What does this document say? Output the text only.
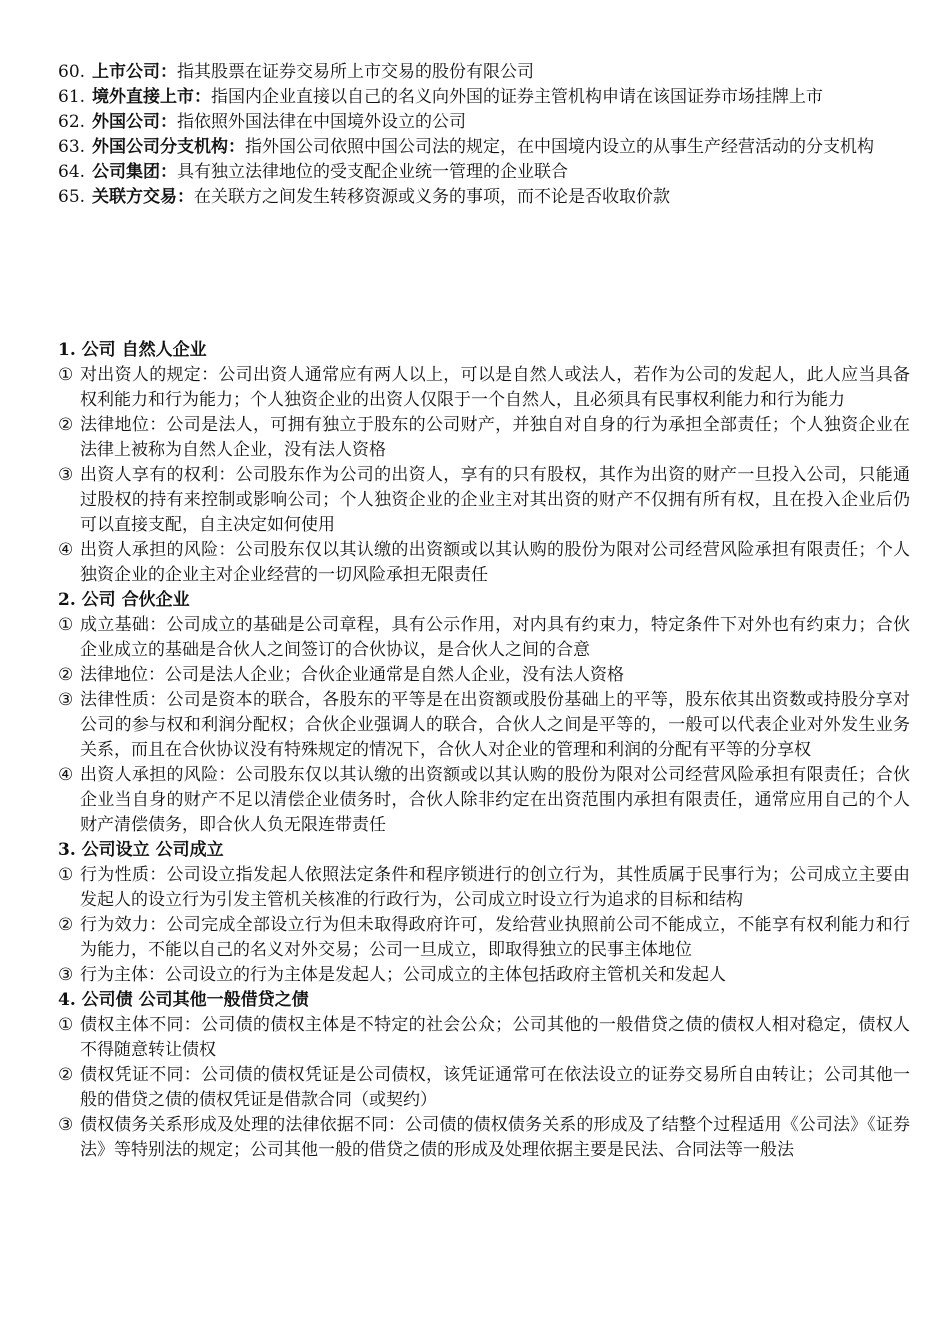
60. 上市公司：指其股票在证券交易所上市交易的股份有限公司
61. 境外直接上市：指国内企业直接以自己的名义向外国的证券主管机构申请在该国证券市场挂牌上市
62. 外国公司：指依照外国法律在中国境外设立的公司
63. 外国公司分支机构：指外国公司依照中国公司法的规定，在中国境内设立的从事生产经营活动的分支机构
64. 公司集团：具有独立法律地位的受支配企业统一管理的企业联合
65. 关联方交易：在关联方之间发生转移资源或义务的事项，而不论是否收取价款
1. 公司 自然人企业
① 对出资人的规定：公司出资人通常应有两人以上，可以是自然人或法人，若作为公司的发起人，此人应当具备权利能力和行为能力；个人独资企业的出资人仅限于一个自然人，且必须具有民事权利能力和行为能力
② 法律地位：公司是法人，可拥有独立于股东的公司财产，并独自对自身的行为承担全部责任；个人独资企业在法律上被称为自然人企业，没有法人资格
③ 出资人享有的权利：公司股东作为公司的出资人，享有的只有股权，其作为出资的财产一旦投入公司，只能通过股权的持有来控制或影响公司；个人独资企业的企业主对其出资的财产不仅拥有所有权，且在投入企业后仍可以直接支配，自主决定如何使用
④ 出资人承担的风险：公司股东仅以其认缴的出资额或以其认购的股份为限对公司经营风险承担有限责任；个人独资企业的企业主对企业经营的一切风险承担无限责任
2. 公司 合伙企业
① 成立基础：公司成立的基础是公司章程，具有公示作用，对内具有约束力，特定条件下对外也有约束力；合伙企业成立的基础是合伙人之间签订的合伙协议，是合伙人之间的合意
② 法律地位：公司是法人企业；合伙企业通常是自然人企业，没有法人资格
③ 法律性质：公司是资本的联合，各股东的平等是在出资额或股份基础上的平等，股东依其出资数或持股分享对公司的参与权和利润分配权；合伙企业强调人的联合，合伙人之间是平等的，一般可以代表企业对外发生业务关系，而且在合伙协议没有特殊规定的情况下，合伙人对企业的管理和利润的分配有平等的分享权
④ 出资人承担的风险：公司股东仅以其认缴的出资额或以其认购的股份为限对公司经营风险承担有限责任；合伙企业当自身的财产不足以清偿企业债务时，合伙人除非约定在出资范围内承担有限责任，通常应用自己的个人财产清偿债务，即合伙人负无限连带责任
3. 公司设立 公司成立
① 行为性质：公司设立指发起人依照法定条件和程序锁进行的创立行为，其性质属于民事行为；公司成立主要由发起人的设立行为引发主管机关核准的行政行为，公司成立时设立行为追求的目标和结构
② 行为效力：公司完成全部设立行为但未取得政府许可，发给营业执照前公司不能成立，不能享有权利能力和行为能力，不能以自己的名义对外交易；公司一旦成立，即取得独立的民事主体地位
③ 行为主体：公司设立的行为主体是发起人；公司成立的主体包括政府主管机关和发起人
4. 公司债 公司其他一般借贷之债
① 债权主体不同：公司债的债权主体是不特定的社会公众；公司其他的一般借贷之债的债权人相对稳定，债权人不得随意转让债权
② 债权凭证不同：公司债的债权凭证是公司债权，该凭证通常可在依法设立的证券交易所自由转让；公司其他一般的借贷之债的债权凭证是借款合同（或契约）
③ 债权债务关系形成及处理的法律依据不同：公司债的债权债务关系的形成及了结整个过程适用《公司法》《证券法》等特别法的规定；公司其他一般的借贷之债的形成及处理依据主要是民法、合同法等一般法
